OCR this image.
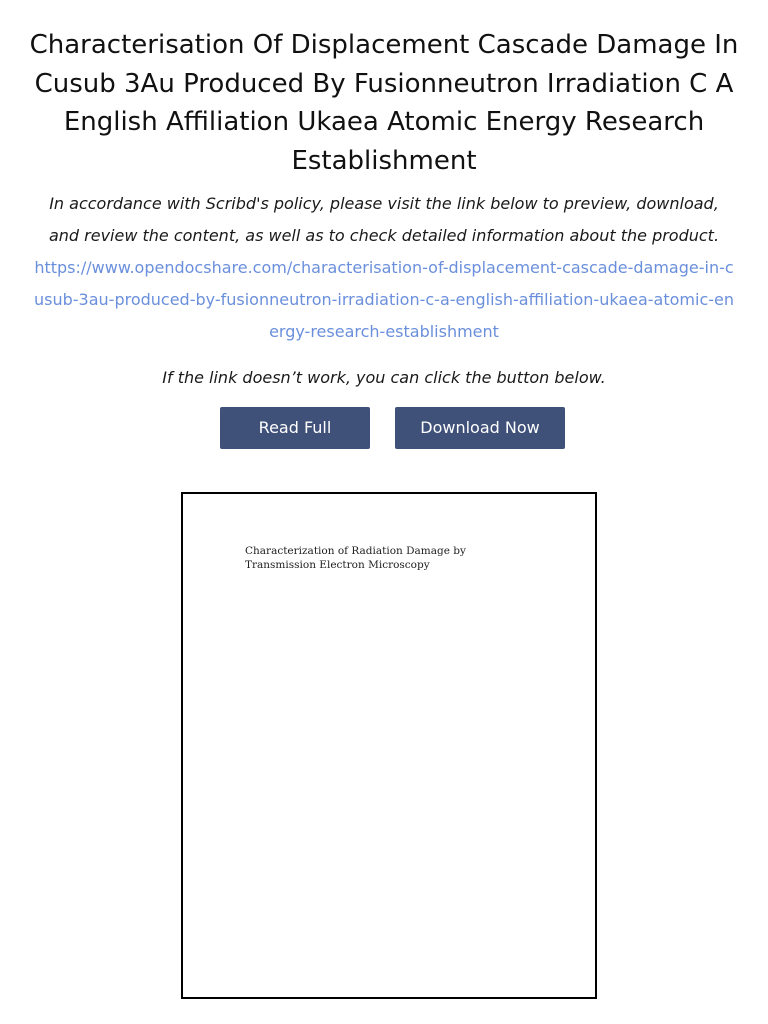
Characterisation Of Displacement Cascade Damage In Cusub 3Au Produced By Fusionneutron Irradiation C A English Affiliation Ukaea Atomic Energy Research Establishment
In accordance with Scribd's policy, please visit the link below to preview, download, and review the content, as well as to check detailed information about the product.
https://www.opendocshare.com/characterisation-of-displacement-cascade-damage-in-cusub-3au-produced-by-fusionneutron-irradiation-c-a-english-affiliation-ukaea-atomic-energy-research-establishment
If the link doesn’t work, you can click the button below.
Read Full	Download Now
Characterization of Radiation Damage by
Transmission Electron Microscopy
